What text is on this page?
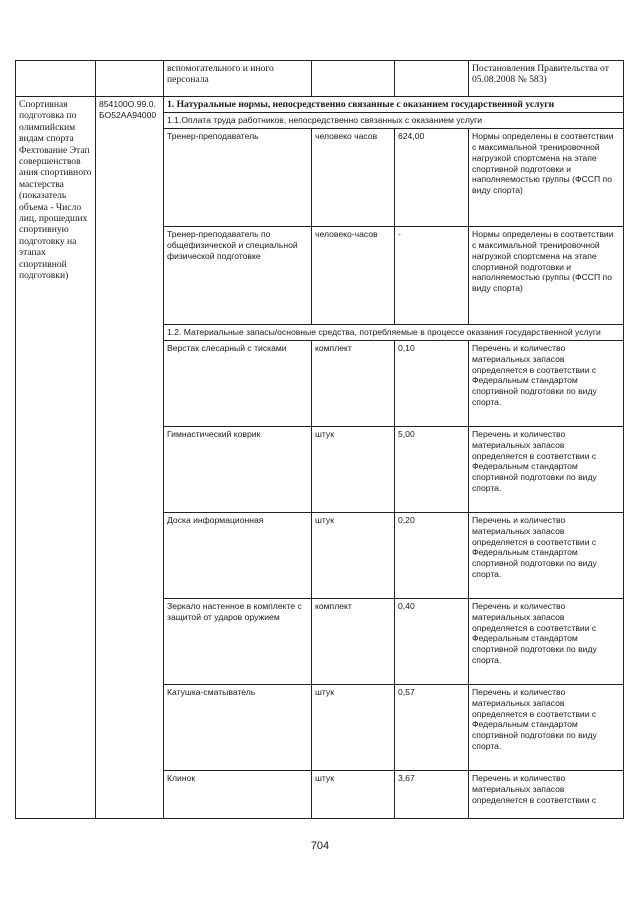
		вспомогательного и иного персонала			Постановления Правительства от 05.08.2008 № 583)
Спортивная подготовка по олимпийским видам спорта Фехтование Этап совершенствов ания спортивного мастерства (показатель объема - Число лиц, прошедших спортивную подготовку на этапах спортивной подготовки)	854100О.99.0.БО52АА94000	1. Натуральные нормы, непосредственно связанные с оказанием государственной услуги			
		1.1.Оплата труда работников, непосредственно связанных с оказанием услуги			
		Тренер-преподаватель	человеко часов	624,00	Нормы определены в соответствии с максимальной тренировочной нагрузкой спортсмена на этапе спортивной подготовки и наполняемостью группы (ФССП по виду спорта)
		Тренер-преподаватель по общефизической и специальной физической подготовке	человеко-часов	-	Нормы определены в соответствии с максимальной тренировочной нагрузкой спортсмена на этапе спортивной подготовки и наполняемостью группы (ФССП по виду спорта)
		1.2. Материальные запасы/основные средства, потребляемые в процессе оказания государственной услуги			
		Верстак слесарный с тисками	комплект	0,10	Перечень и количество материальных запасов определяется в соответствии с Федеральным стандартом спортивной подготовки по виду спорта.
		Гимнастический коврик	штук	5,00	Перечень и количество материальных запасов определяется в соответствии с Федеральным стандартом спортивной подготовки по виду спорта.
		Доска информационная	штук	0,20	Перечень и количество материальных запасов определяется в соответствии с Федеральным стандартом спортивной подготовки по виду спорта.
		Зеркало настенное в комплекте с защитой от ударов оружием	комплект	0,40	Перечень и количество материальных запасов определяется в соответствии с Федеральным стандартом спортивной подготовки по виду спорта.
		Катушка-сматыватель	штук	0,57	Перечень и количество материальных запасов определяется в соответствии с Федеральным стандартом спортивной подготовки по виду спорта.
		Клинок	штук	3,67	Перечень и количество материальных запасов определяется в соответствии с
704
